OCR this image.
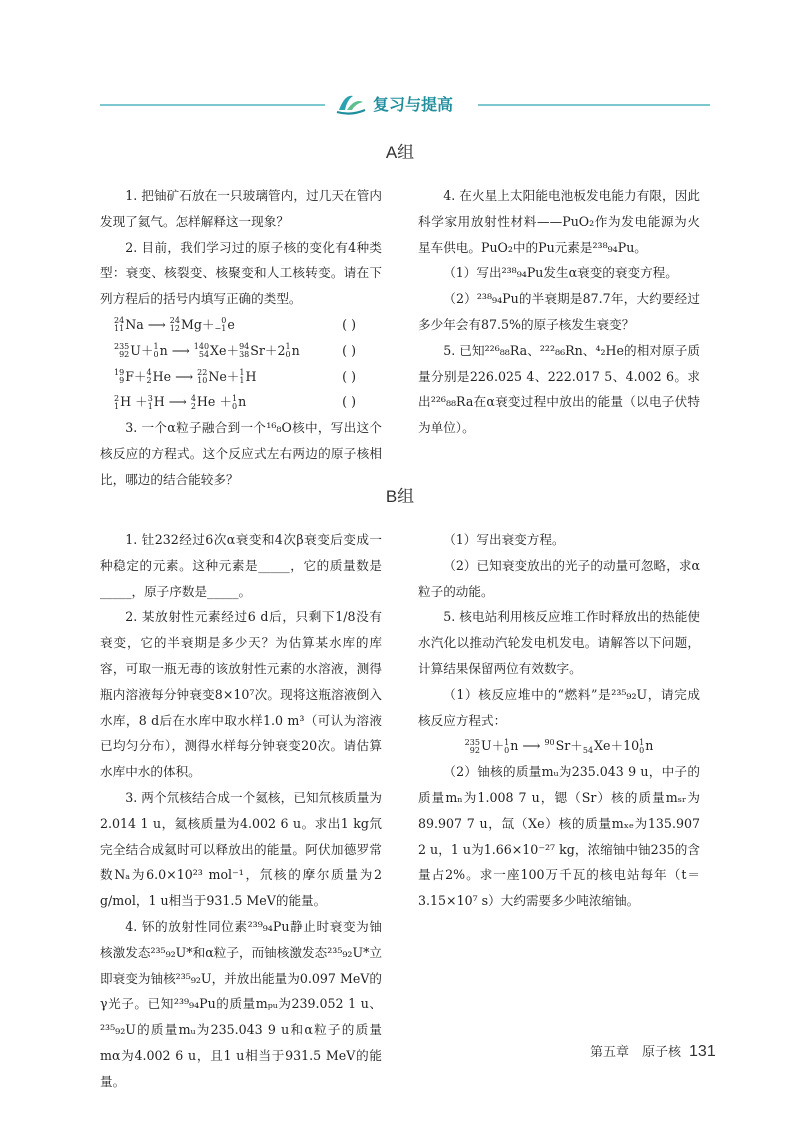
复习与提高
A组

1. 把铀矿石放在一只玻璃管内，过几天在管内发现了氦气。怎样解释这一现象？

2. 目前，我们学习过的原子核的变化有4种类型：衰变、核裂变、核聚变和人工核转变。请在下列方程后的括号内填写正确的类型。

24
11 Na ⟶ 24
12 Mg＋ 0
−1 e	( )

235
92 U＋ 1
0 n ⟶ 140
54 Xe＋ 94
38 Sr＋2 1
0 n	( )

19
9 F＋ 4
2 He ⟶ 22
10 Ne＋ 1
1 H	( )

2
1 H ＋ 3
1 H ⟶ 4
2 He ＋ 1
0 n	( )

3. 一个α粒子融合到一个¹⁶₈O核中，写出这个核反应的方程式。这个反应式左右两边的原子核相比，哪边的结合能较多？

4. 在火星上太阳能电池板发电能力有限，因此科学家用放射性材料——PuO₂作为发电能源为火星车供电。PuO₂中的Pu元素是²³⁸₉₄Pu。

（1）写出²³⁸₉₄Pu发生α衰变的衰变方程。

（2）²³⁸₉₄Pu的半衰期是87.7年，大约要经过多少年会有87.5%的原子核发生衰变？

5. 已知²²⁶₈₈Ra、²²²₈₆Rn、⁴₂He的相对原子质量分别是226.025 4、222.017 5、4.002 6。求出²²⁶₈₈Ra在α衰变过程中放出的能量（以电子伏特为单位）。

B组

1. 钍232经过6次α衰变和4次β衰变后变成一种稳定的元素。这种元素是_____，它的质量数是_____，原子序数是_____。

2. 某放射性元素经过6 d后，只剩下1/8没有衰变，它的半衰期是多少天？为估算某水库的库容，可取一瓶无毒的该放射性元素的水溶液，测得瓶内溶液每分钟衰变8×10⁷次。现将这瓶溶液倒入水库，8 d后在水库中取水样1.0 m³（可认为溶液已均匀分布），测得水样每分钟衰变20次。请估算水库中水的体积。

3. 两个氘核结合成一个氦核，已知氘核质量为2.014 1 u，氦核质量为4.002 6 u。求出1 kg氘完全结合成氦时可以释放出的能量。阿伏加德罗常数Nₐ为6.0×10²³ mol⁻¹，氘核的摩尔质量为2 g/mol，1 u相当于931.5 MeV的能量。

4. 钚的放射性同位素²³⁹₉₄Pu静止时衰变为铀核激发态²³⁵₉₂U*和α粒子，而铀核激发态²³⁵₉₂U*立即衰变为铀核²³⁵₉₂U，并放出能量为0.097 MeV的γ光子。已知²³⁹₉₄Pu的质量mₚᵤ为239.052 1 u、²³⁵₉₂U的质量mᵤ为235.043 9 u和α粒子的质量mα为4.002 6 u，且1 u相当于931.5 MeV的能量。

（1）写出衰变方程。

（2）已知衰变放出的光子的动量可忽略，求α粒子的动能。

5. 核电站利用核反应堆工作时释放出的热能使水汽化以推动汽轮发电机发电。请解答以下问题，计算结果保留两位有效数字。

（1）核反应堆中的“燃料”是²³⁵₉₂U，请完成核反应方程式：

235
92 U＋ 1
0 n ⟶ 90
Sr＋
54 Xe＋10 1
0 n

（2）铀核的质量mᵤ为235.043 9 u，中子的质量mₙ为1.008 7 u，锶（Sr）核的质量mₛᵣ为89.907 7 u，氙（Xe）核的质量mₓₑ为135.907 2 u，1 u为1.66×10⁻²⁷ kg，浓缩铀中铀235的含量占2%。求一座100万千瓦的核电站每年（t＝3.15×10⁷ s）大约需要多少吨浓缩铀。

第五章　原子核 131
